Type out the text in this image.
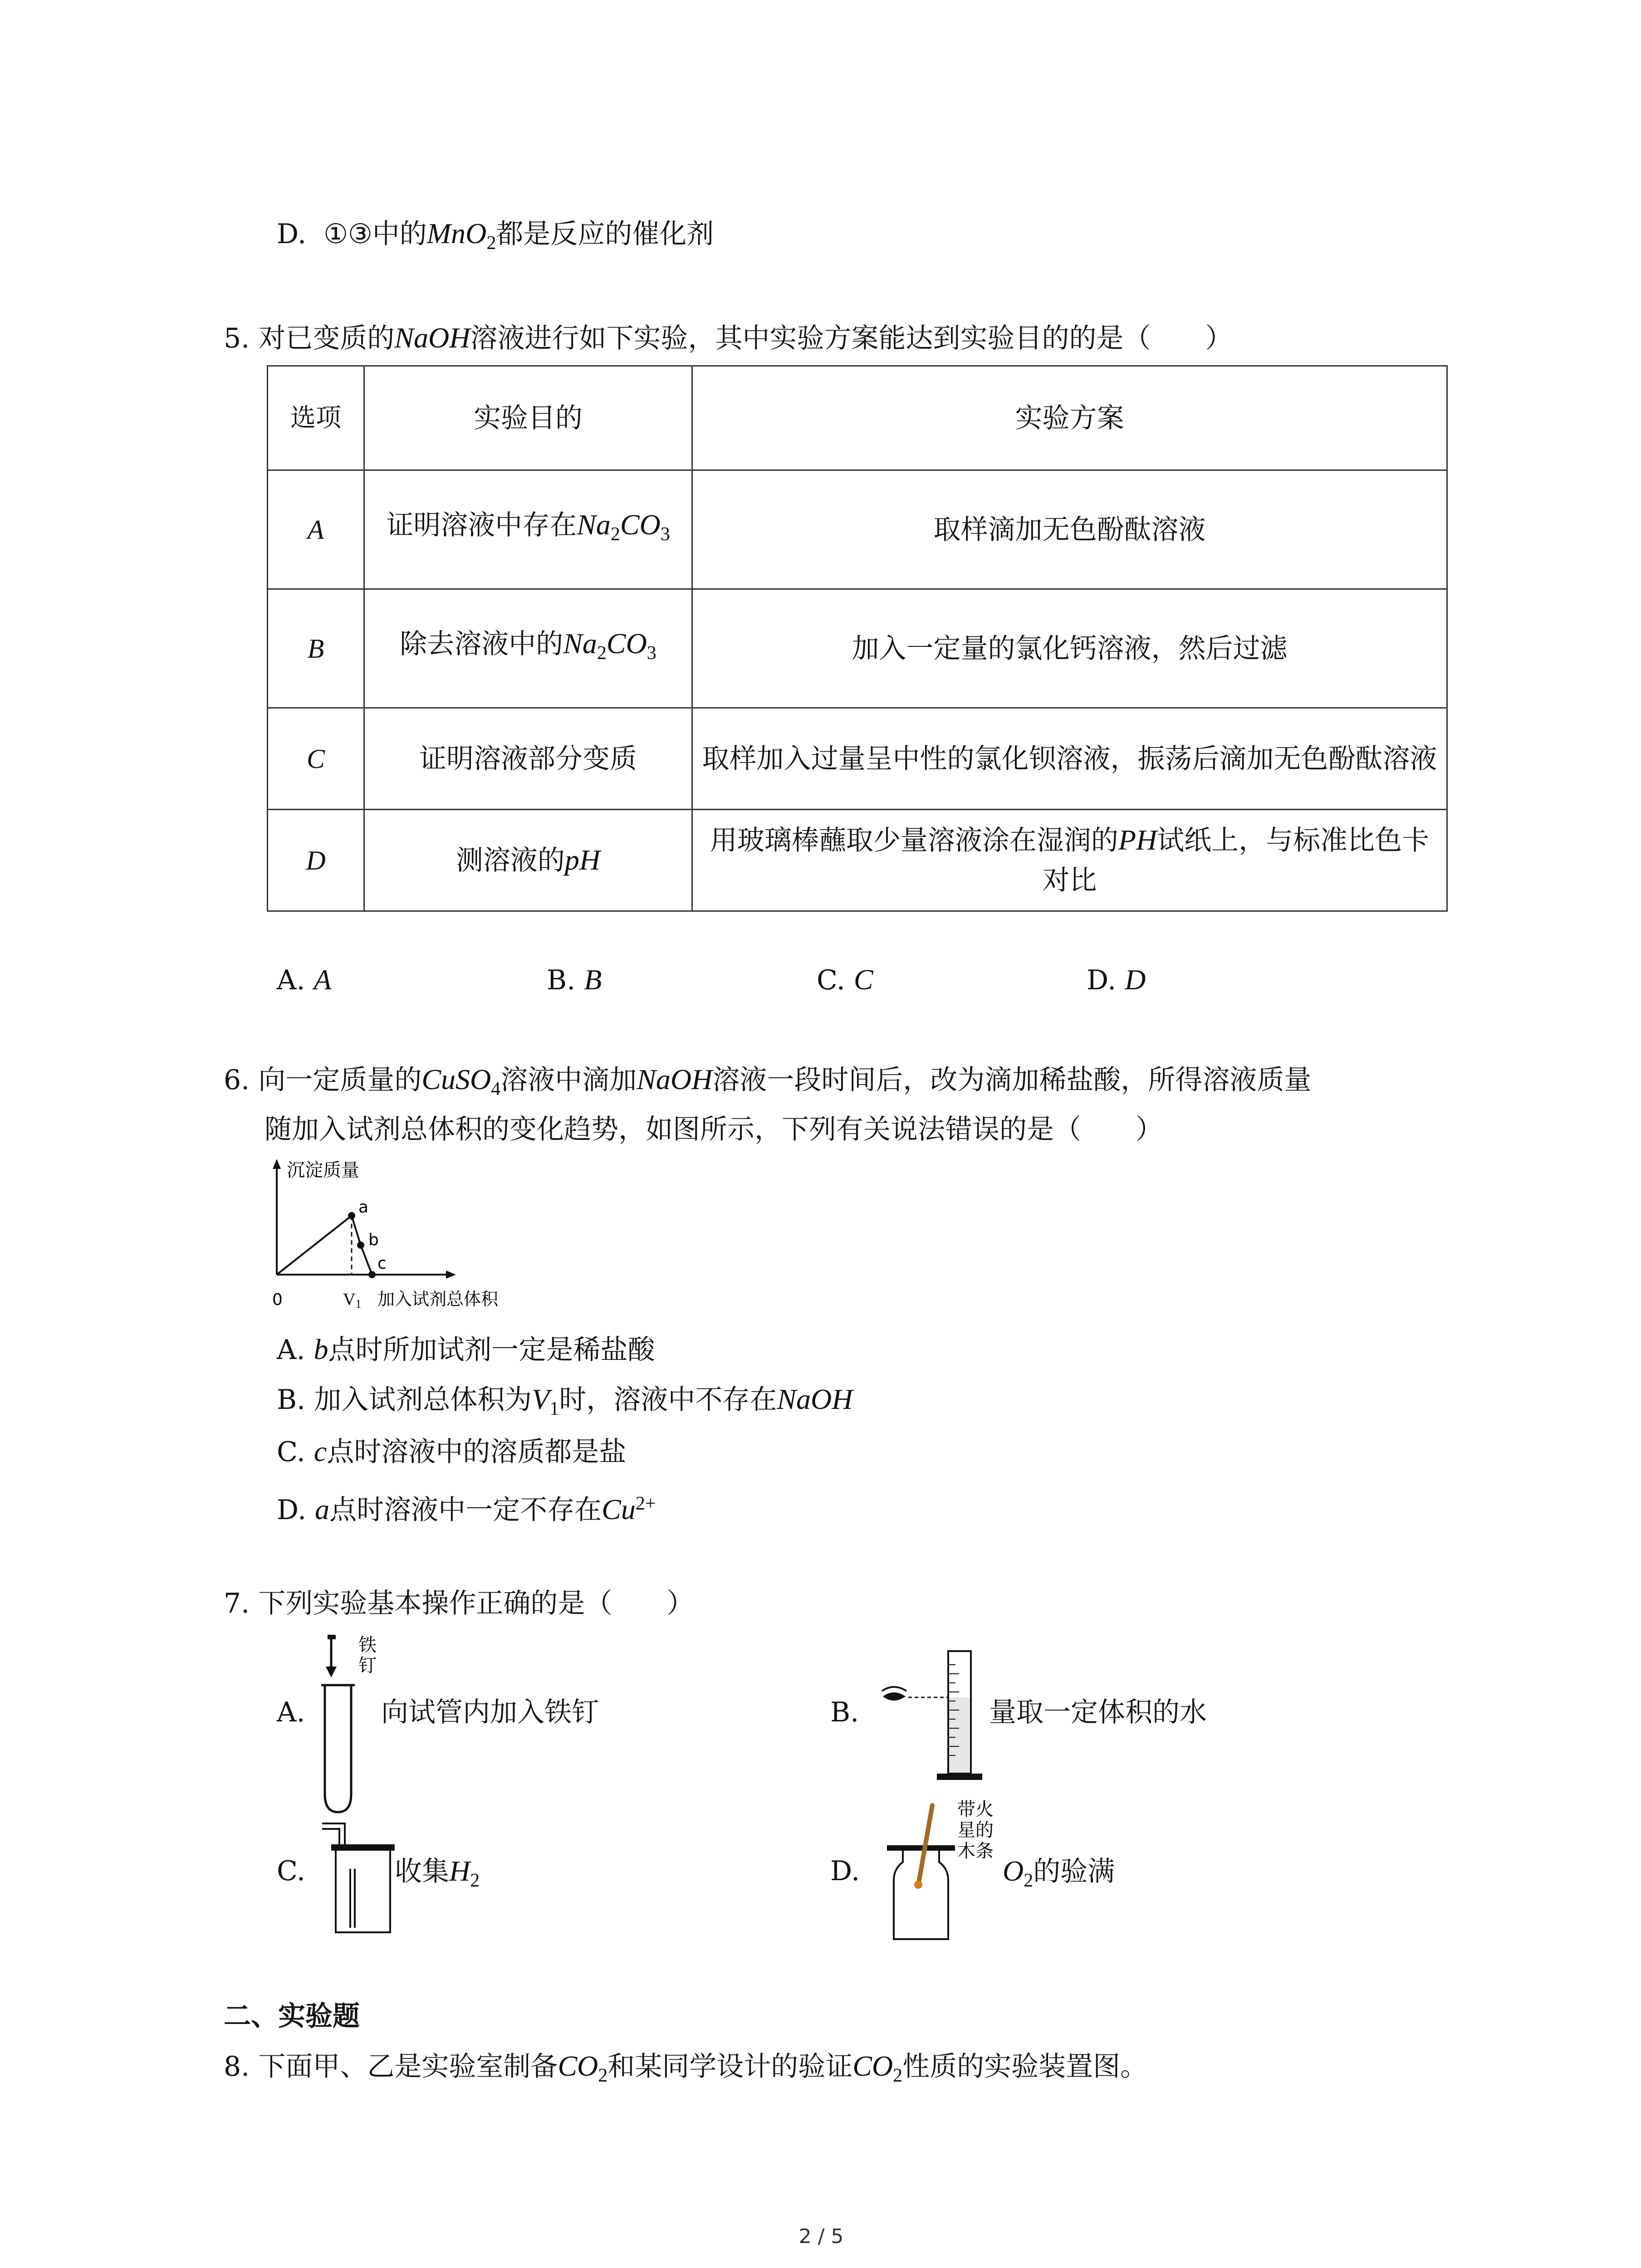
D. ①③中的MnO$_2$都是反应的催化剂
5. 对已变质的NaOH溶液进行如下实验，其中实验方案能达到实验目的的是（　　）
选项	实验目的	实验方案
A	证明溶液中存在$Na_2CO_3$	取样滴加无色酚酞溶液
B	除去溶液中的$Na_2CO_3$	加入一定量的氯化钙溶液，然后过滤
C	证明溶液部分变质	取样加入过量呈中性的氯化钡溶液，振荡后滴加无色酚酞溶液
D	测溶液的pH	用玻璃棒蘸取少量溶液涂在湿润的PH试纸上，与标准比色卡对比
A. A	B. B	C. C	D. D
6. 向一定质量的CuSO$_4$溶液中滴加NaOH溶液一段时间后，改为滴加稀盐酸，所得溶液质量
随加入试剂总体积的变化趋势，如图所示，下列有关说法错误的是（　　）
沉淀质量
a
b
c
0	V1 加入试剂总体积
A. b点时所加试剂一定是稀盐酸
B. 加入试剂总体积为$V_1$时，溶液中不存在NaOH
C. c点时溶液中的溶质都是盐
D. a点时溶液中一定不存在$Cu^{2+}$
7. 下列实验基本操作正确的是（　　）
A.
铁
钉
向试管内加入铁钉	B.	量取一定体积的水
C.	收集$H_2$	D.
带火
星的
木条
$O_2$的验满
二、实验题
8. 下面甲、乙是实验室制备$CO_2$和某同学设计的验证$CO_2$性质的实验装置图。
2 / 5
